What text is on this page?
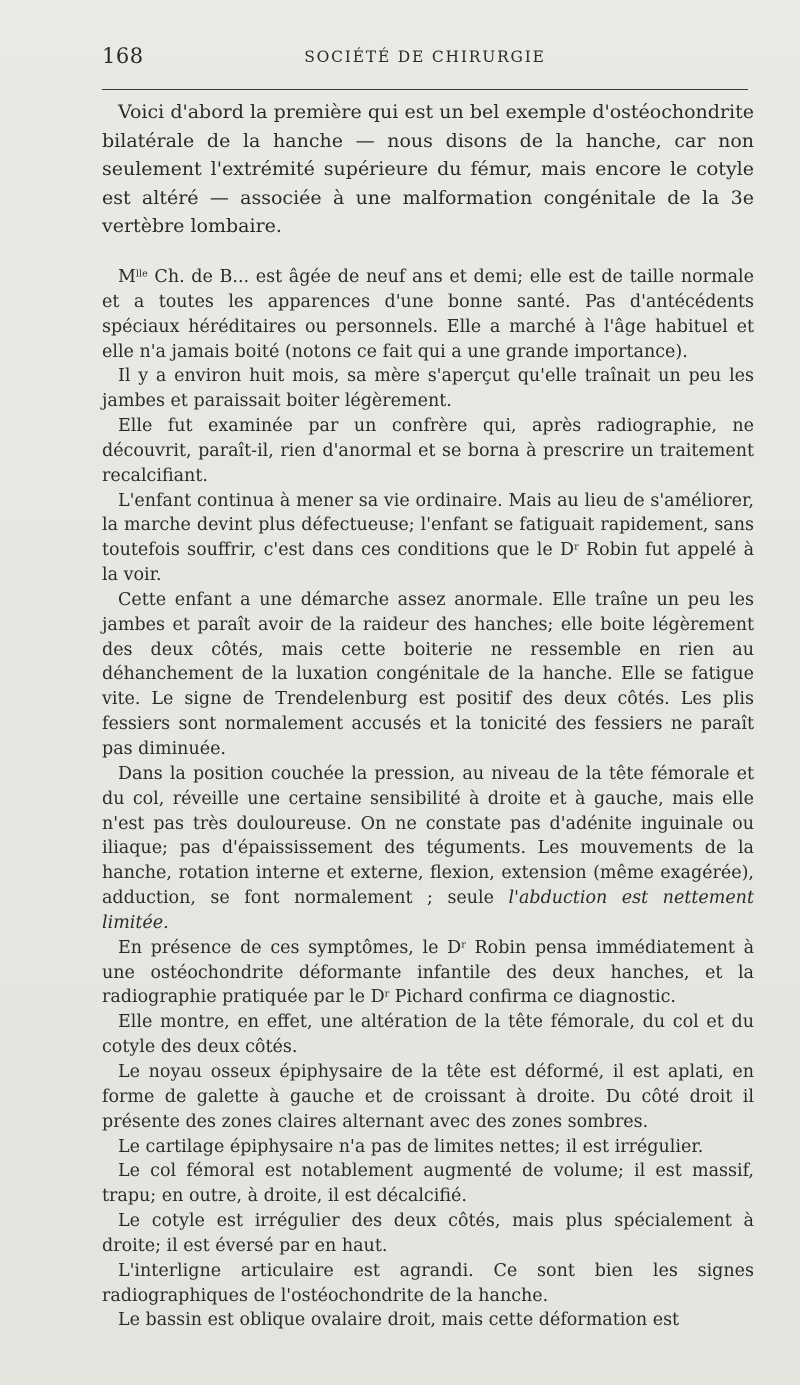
168	SOCIÉTÉ DE CHIRURGIE

Voici d'abord la première qui est un bel exemple d'ostéochondrite bilatérale de la hanche — nous disons de la hanche, car non seulement l'extrémité supérieure du fémur, mais encore le cotyle est altéré — associée à une malformation congénitale de la 3e vertèbre lombaire.

$M^{lle}$ Ch. de B... est âgée de neuf ans et demi; elle est de taille normale et a toutes les apparences d'une bonne santé. Pas d'antécédents spéciaux héréditaires ou personnels. Elle a marché à l'âge habituel et elle n'a jamais boité (notons ce fait qui a une grande importance).

Il y a environ huit mois, sa mère s'aperçut qu'elle traînait un peu les jambes et paraissait boiter légèrement.

Elle fut examinée par un confrère qui, après radiographie, ne découvrit, paraît-il, rien d'anormal et se borna à prescrire un traitement recalcifiant.

L'enfant continua à mener sa vie ordinaire. Mais au lieu de s'améliorer, la marche devint plus défectueuse; l'enfant se fatiguait rapidement, sans toutefois souffrir, c'est dans ces conditions que le $D^r$ Robin fut appelé à la voir.

Cette enfant a une démarche assez anormale. Elle traîne un peu les jambes et paraît avoir de la raideur des hanches; elle boite légèrement des deux côtés, mais cette boiterie ne ressemble en rien au déhanchement de la luxation congénitale de la hanche. Elle se fatigue vite. Le signe de Trendelenburg est positif des deux côtés. Les plis fessiers sont normalement accusés et la tonicité des fessiers ne paraît pas diminuée.

Dans la position couchée la pression, au niveau de la tête fémorale et du col, réveille une certaine sensibilité à droite et à gauche, mais elle n'est pas très douloureuse. On ne constate pas d'adénite inguinale ou iliaque; pas d'épaississement des téguments. Les mouvements de la hanche, rotation interne et externe, flexion, extension (même exagérée), adduction, se font normalement ; seule l'abduction est nettement limitée.

En présence de ces symptômes, le $D^r$ Robin pensa immédiatement à une ostéochondrite déformante infantile des deux hanches, et la radiographie pratiquée par le $D^r$ Pichard confirma ce diagnostic.

Elle montre, en effet, une altération de la tête fémorale, du col et du cotyle des deux côtés.

Le noyau osseux épiphysaire de la tête est déformé, il est aplati, en forme de galette à gauche et de croissant à droite. Du côté droit il présente des zones claires alternant avec des zones sombres.

Le cartilage épiphysaire n'a pas de limites nettes; il est irrégulier.

Le col fémoral est notablement augmenté de volume; il est massif, trapu; en outre, à droite, il est décalcifié.

Le cotyle est irrégulier des deux côtés, mais plus spécialement à droite; il est éversé par en haut.

L'interligne articulaire est agrandi. Ce sont bien les signes radiographiques de l'ostéochondrite de la hanche.

Le bassin est oblique ovalaire droit, mais cette déformation est
